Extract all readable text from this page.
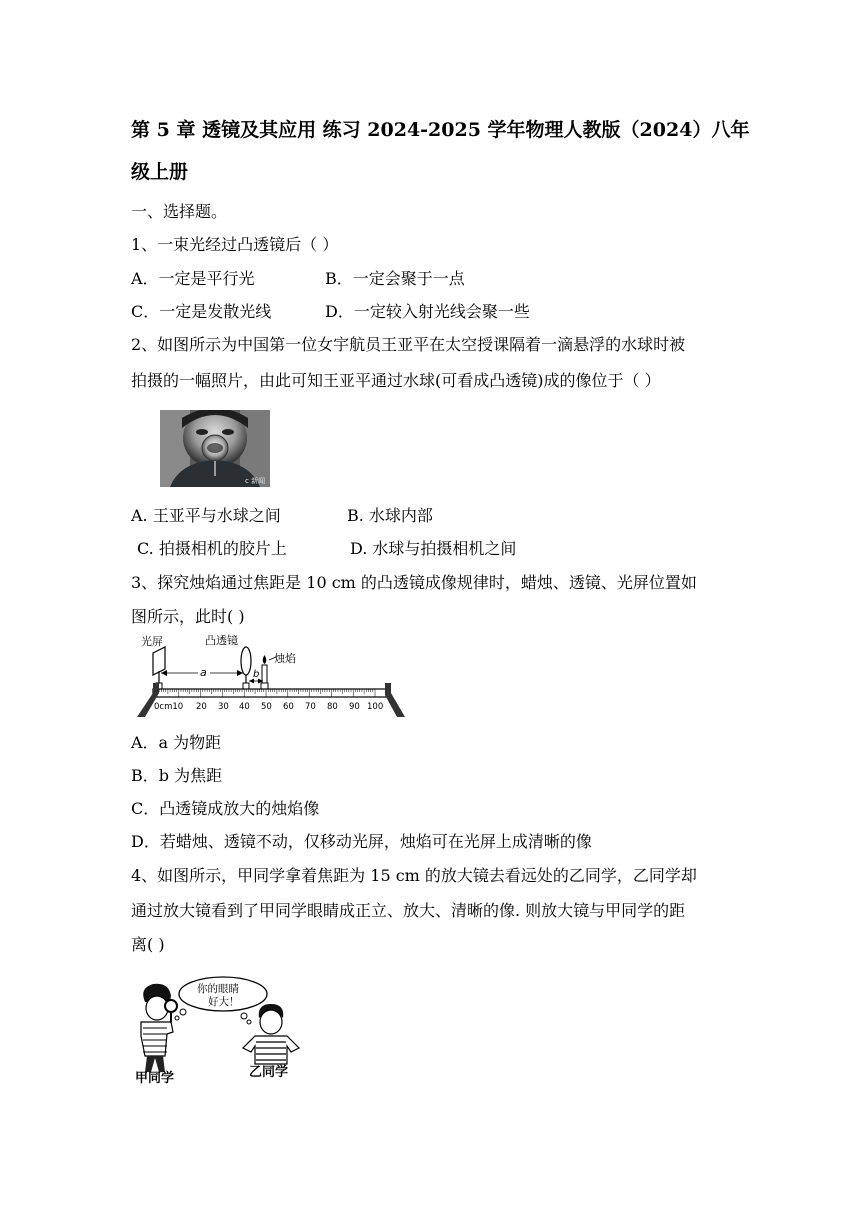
第 5 章 透镜及其应用 练习 2024-2025 学年物理人教版（2024）八年
级上册
一、选择题。
1、一束光经过凸透镜后（ ）
A．一定是平行光	B．一定会聚于一点
C．一定是发散光线	D．一定较入射光线会聚一些
2、如图所示为中国第一位女宇航员王亚平在太空授课隔着一滴悬浮的水球时被
拍摄的一幅照片，由此可知王亚平通过水球(可看成凸透镜)成的像位于（ ）
c 新闻
A. 王亚平与水球之间	B. 水球内部
C. 拍摄相机的胶片上	D. 水球与拍摄相机之间
3、探究烛焰通过焦距是 10 cm 的凸透镜成像规律时，蜡烛、透镜、光屏位置如
图所示，此时( )
光屏	凸透镜
烛焰
a	b
0cm10 20 30 40 50 60 70 80 90 100
A．a 为物距
B．b 为焦距
C．凸透镜成放大的烛焰像
D．若蜡烛、透镜不动，仅移动光屏，烛焰可在光屏上成清晰的像
4、如图所示，甲同学拿着焦距为 15 cm 的放大镜去看远处的乙同学，乙同学却
通过放大镜看到了甲同学眼睛成正立、放大、清晰的像. 则放大镜与甲同学的距
离( )
你的眼睛
好大！
甲同学	乙同学
